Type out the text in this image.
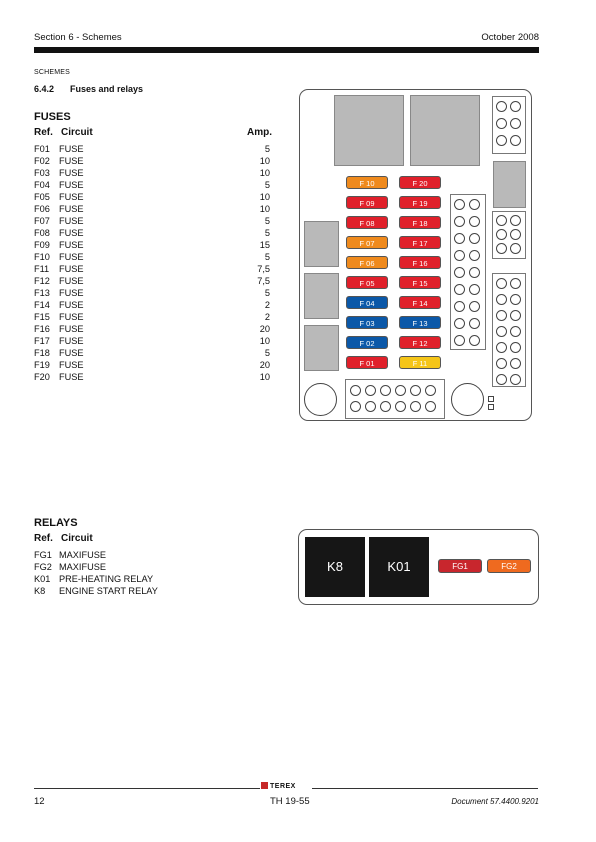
Section 6 - Schemes	October 2008
SCHEMES
6.4.2 Fuses and relays
FUSES
Ref. Circuit	Amp.
F01 FUSE	5
F02 FUSE	10
F03 FUSE	10
F04 FUSE	5
F05 FUSE	10
F06 FUSE	10
F07 FUSE	5
F08 FUSE	5
F09 FUSE	15
F10 FUSE	5
F11 FUSE	7,5
F12 FUSE	7,5
F13 FUSE	5
F14 FUSE	2
F15 FUSE	2
F16 FUSE	20
F17 FUSE	10
F18 FUSE	5
F19 FUSE	20
F20 FUSE	10
F 10
F 09
F 08
F 07
F 06
F 05
F 04
F 03
F 02
F 01
F 20
F 19
F 18
F 17
F 16
F 15
F 14
F 13
F 12
F 11
RELAYS
Ref. Circuit
FG1 MAXIFUSE
FG2 MAXIFUSE
K01 PRE-HEATING RELAY
K8 ENGINE START RELAY
K8	K01	FG1	FG2
TEREX
12	TH 19-55	Document 57.4400.9201
